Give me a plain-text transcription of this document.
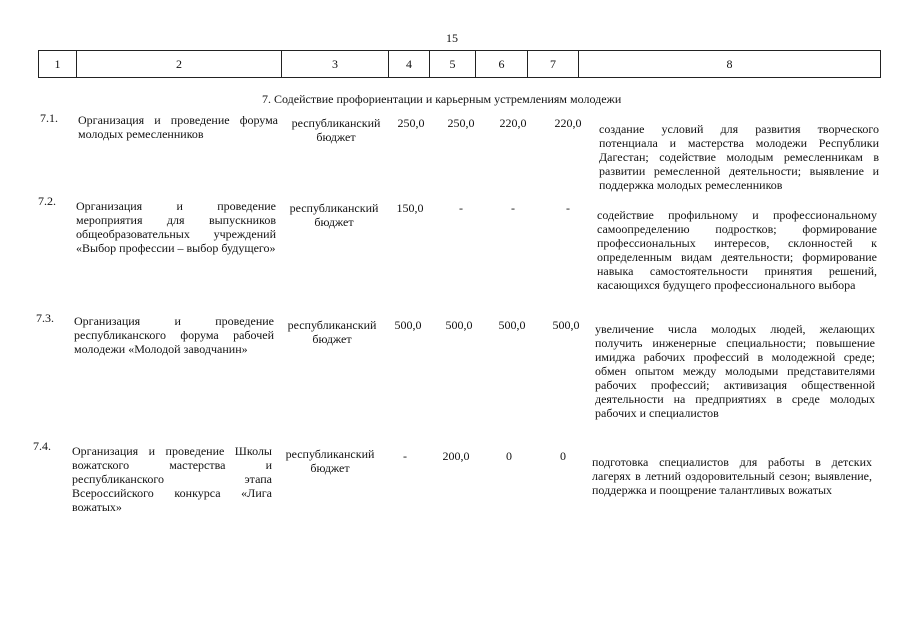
15
1	2	3	4	5	6	7	8
7. Содействие профориентации и карьерным устремлениям молодежи
7.1. Организация и проведение форума молодых ремесленников
республиканский бюджет
250,0	250,0	220,0	220,0	создание условий для развития творческого потенциала и мастерства молодежи Республики Дагестан; содействие молодым ремесленникам в развитии ремесленной деятельности; выявление и поддержка молодых ремесленников
7.2. Организация и проведение мероприятия для выпускников общеобразовательных учреждений «Выбор профессии – выбор будущего»
республиканский бюджет
150,0	-	-	-	содействие профильному и профессиональному самоопределению подростков; формирование профессиональных интересов, склонностей к определенным видам деятельности; формирование навыка самостоятельности принятия решений, касающихся будущего профессионального выбора
7.3. Организация и проведение республиканского форума рабочей молодежи «Молодой заводчанин»
республиканский бюджет
500,0	500,0	500,0	500,0	увеличение числа молодых людей, желающих получить инженерные специальности; повышение имиджа рабочих профессий в молодежной среде; обмен опытом между молодыми представителями рабочих профессий; активизация общественной деятельности на предприятиях в среде молодых рабочих и специалистов
7.4. Организация и проведение Школы вожатского мастерства и республиканского этапа Всероссийского конкурса «Лига вожатых»
республиканский бюджет
-	200,0	0	0	подготовка специалистов для работы в детских лагерях в летний оздоровительный сезон; выявление, поддержка и поощрение талантливых вожатых
